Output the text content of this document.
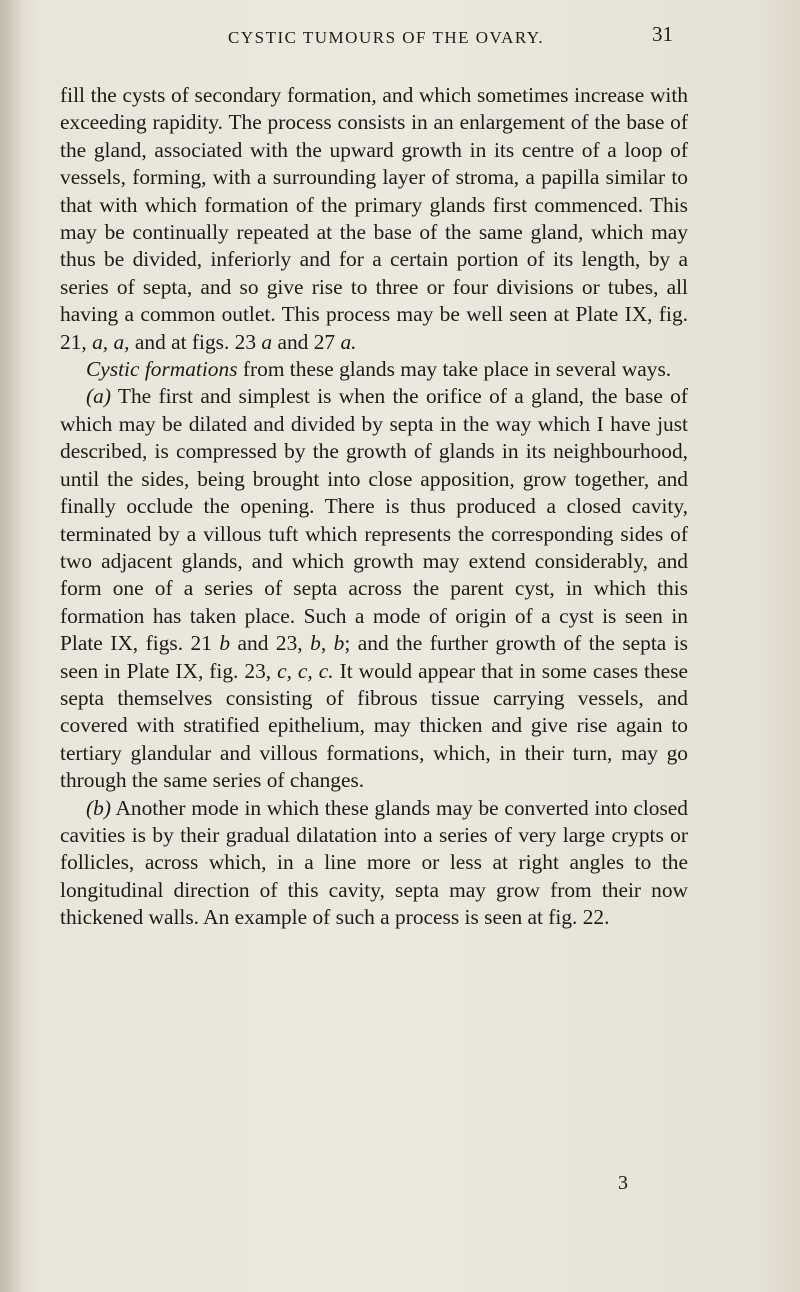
CYSTIC TUMOURS OF THE OVARY.	31

fill the cysts of secondary formation, and which sometimes increase with exceeding rapidity. The process consists in an enlargement of the base of the gland, associated with the upward growth in its centre of a loop of vessels, forming, with a surrounding layer of stroma, a papilla similar to that with which formation of the primary glands first commenced. This may be continually repeated at the base of the same gland, which may thus be divided, inferiorly and for a certain portion of its length, by a series of septa, and so give rise to three or four divisions or tubes, all having a common outlet. This process may be well seen at Plate IX, fig. 21, a, a, and at figs. 23 a and 27 a.

Cystic formations from these glands may take place in several ways.

(a) The first and simplest is when the orifice of a gland, the base of which may be dilated and divided by septa in the way which I have just described, is compressed by the growth of glands in its neighbourhood, until the sides, being brought into close apposition, grow together, and finally occlude the opening. There is thus produced a closed cavity, terminated by a villous tuft which represents the corresponding sides of two adjacent glands, and which growth may extend considerably, and form one of a series of septa across the parent cyst, in which this formation has taken place. Such a mode of origin of a cyst is seen in Plate IX, figs. 21 b and 23, b, b; and the further growth of the septa is seen in Plate IX, fig. 23, c, c, c. It would appear that in some cases these septa themselves consisting of fibrous tissue carrying vessels, and covered with stratified epithelium, may thicken and give rise again to tertiary glandular and villous formations, which, in their turn, may go through the same series of changes.

(b) Another mode in which these glands may be converted into closed cavities is by their gradual dilatation into a series of very large crypts or follicles, across which, in a line more or less at right angles to the longitudinal direction of this cavity, septa may grow from their now thickened walls. An example of such a process is seen at fig. 22.

3
